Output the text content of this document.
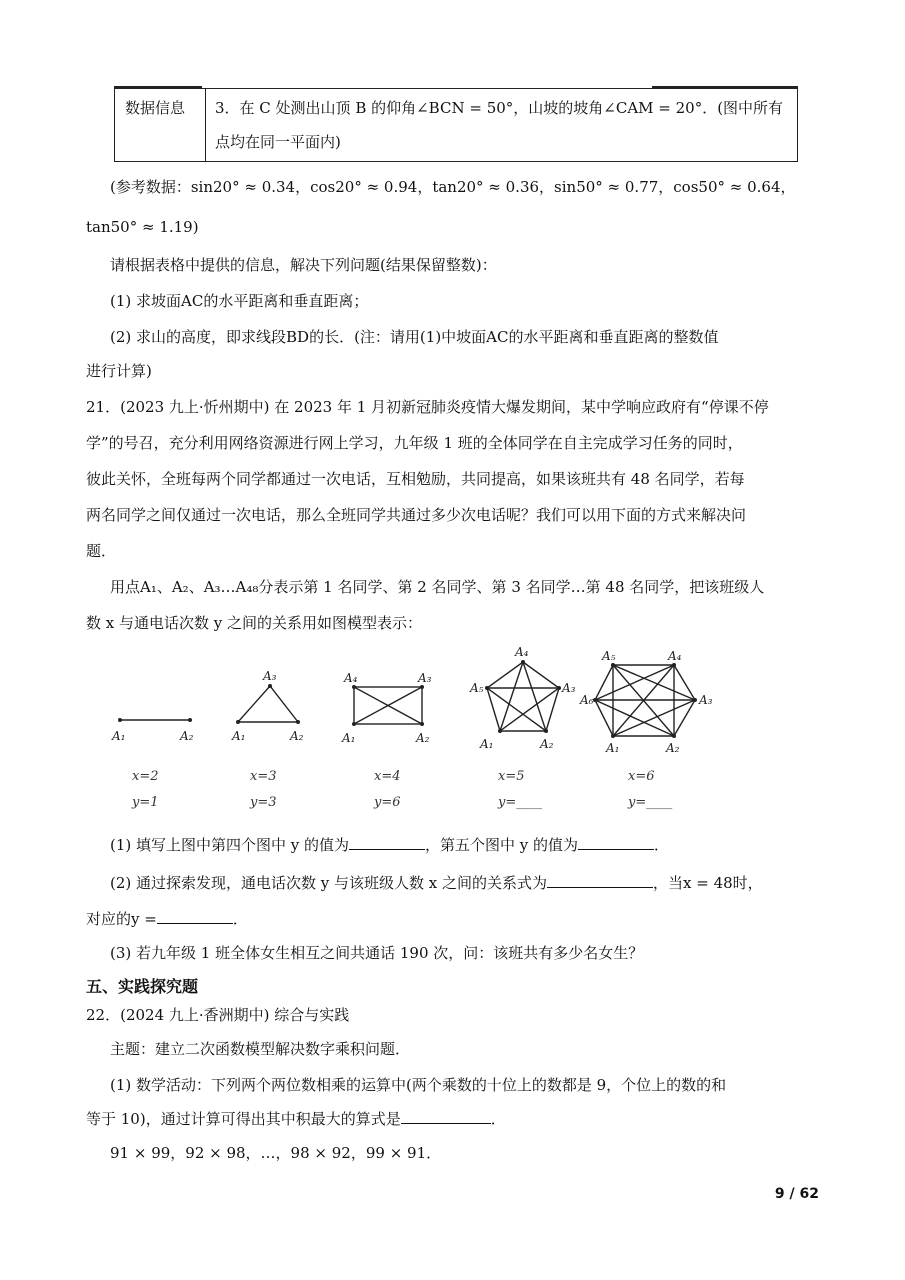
数据信息 3．在 C 处测出山顶 B 的仰角∠BCN = 50°，山坡的坡角∠CAM = 20°．(图中所有
点均在同一平面内)
(参考数据：sin20° ≈ 0.34，cos20° ≈ 0.94，tan20° ≈ 0.36，sin50° ≈ 0.77，cos50° ≈ 0.64，
tan50° ≈ 1.19)
请根据表格中提供的信息，解决下列问题(结果保留整数)：
(1) 求坡面AC的水平距离和垂直距离；
(2) 求山的高度，即求线段BD的长．(注：请用(1)中坡面AC的水平距离和垂直距离的整数值
进行计算)
21．(2023 九上·忻州期中) 在 2023 年 1 月初新冠肺炎疫情大爆发期间，某中学响应政府有“停课不停
学”的号召，充分利用网络资源进行网上学习，九年级 1 班的全体同学在自主完成学习任务的同时，
彼此关怀，全班每两个同学都通过一次电话，互相勉励，共同提高，如果该班共有 48 名同学，若每
两名同学之间仅通过一次电话，那么全班同学共通过多少次电话呢？我们可以用下面的方式来解决问
题．
用点A₁、A₂、A₃…A₄₈分表示第 1 名同学、第 2 名同学、第 3 名同学…第 48 名同学，把该班级人
数 x 与通电话次数 y 之间的关系用如图模型表示：
A₁	A₂	A₁	A₂
A₃	A₄	A₃
A₁	A₂
A₄
A₃
A₂
A₁
A₅
A₅	A₄
A₃
A₂
A₁
A₆
x=2
y=1
x=3
y=3
x=4
y=6
x=5
y=____
x=6
y=____
(1) 填写上图中第四个图中 y 的值为	，第五个图中 y 的值为	．
(2) 通过探索发现，通电话次数 y 与该班级人数 x 之间的关系式为	，当x = 48时，
对应的y =	．
(3) 若九年级 1 班全体女生相互之间共通话 190 次，问：该班共有多少名女生？
五、实践探究题
22．(2024 九上·香洲期中) 综合与实践
主题：建立二次函数模型解决数字乘积问题．
(1) 数学活动：下列两个两位数相乘的运算中(两个乘数的十位上的数都是 9，个位上的数的和
等于 10)，通过计算可得出其中积最大的算式是	．
91 × 99，92 × 98，…，98 × 92，99 × 91．
9 / 62
